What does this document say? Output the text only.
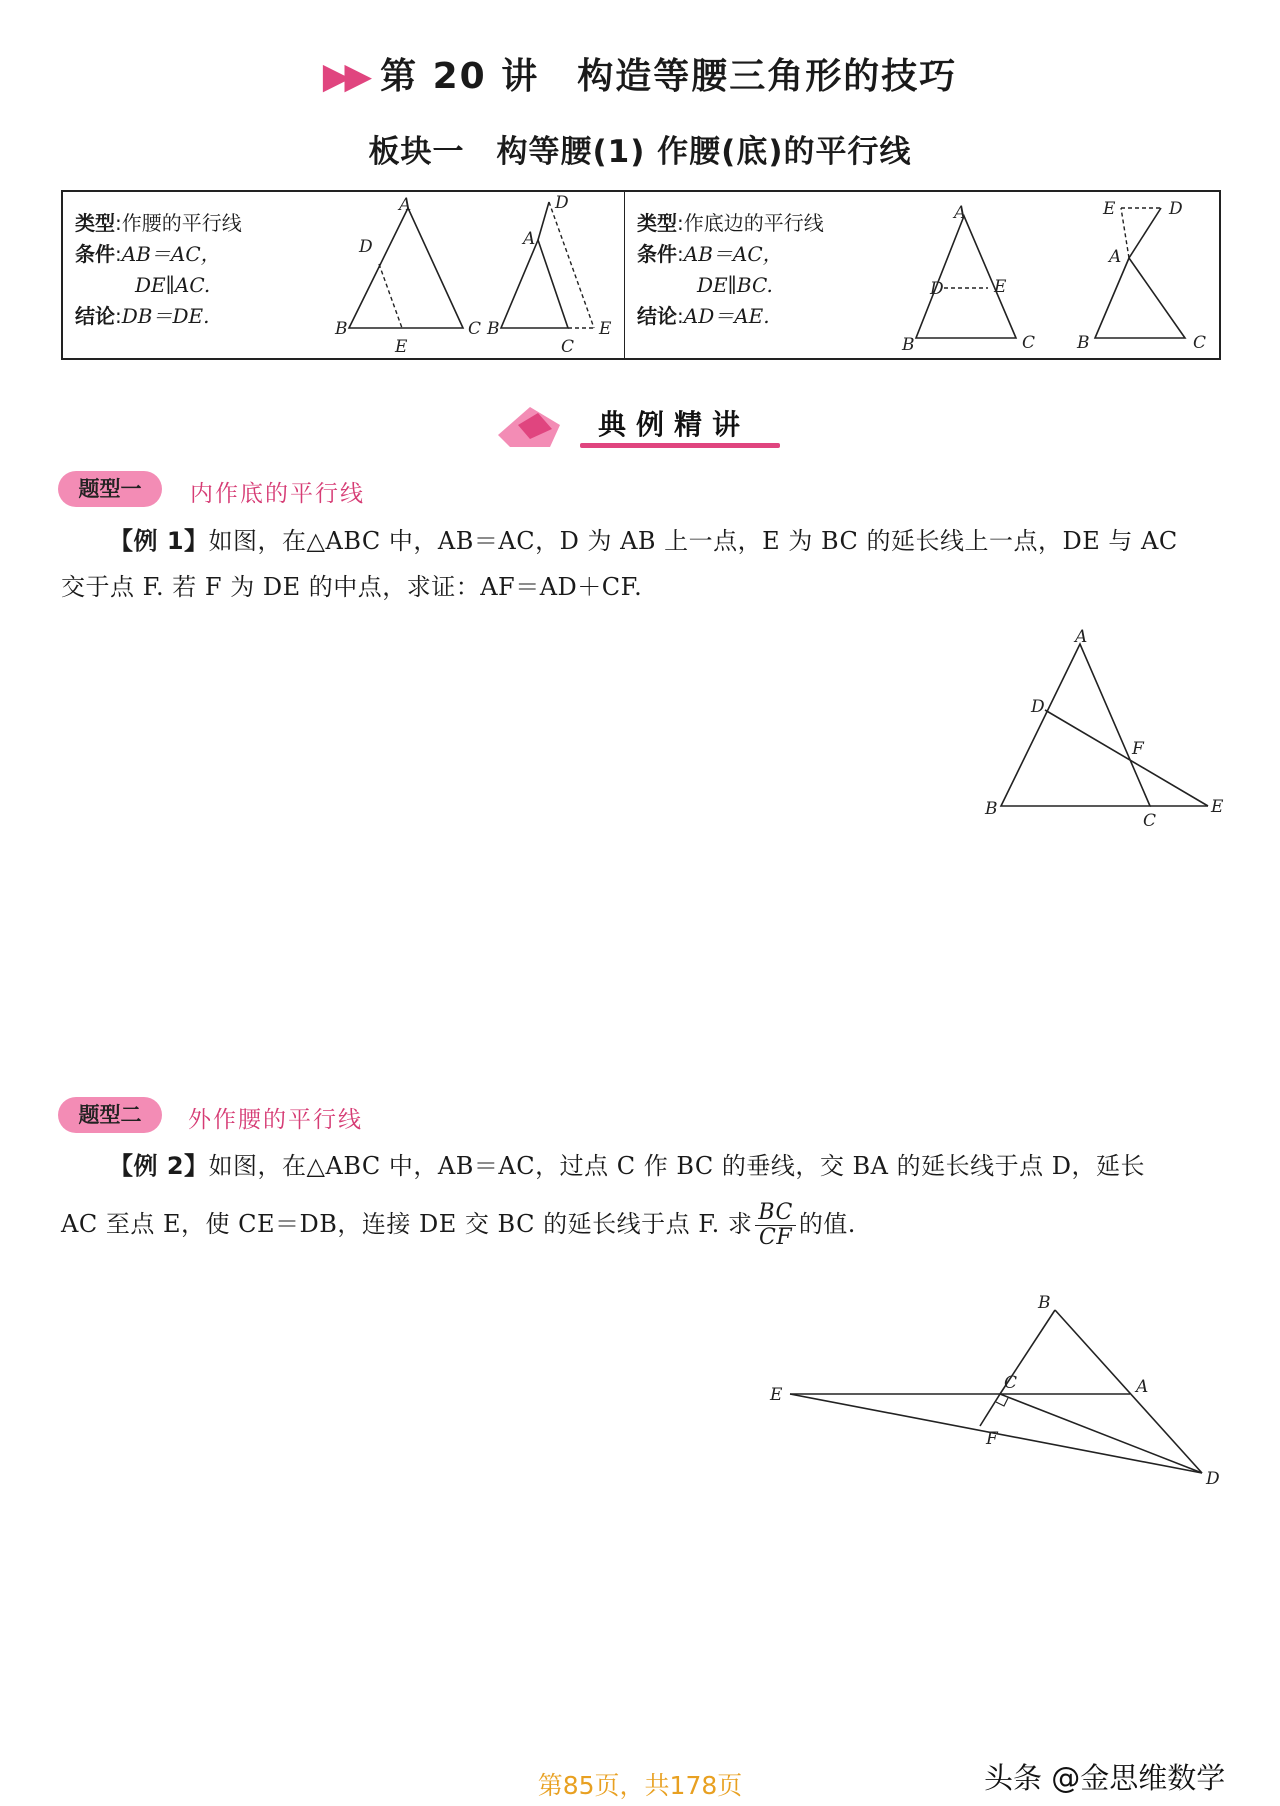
▶▶ 第 20 讲　构造等腰三角形的技巧
板块一　构等腰(1) 作腰(底)的平行线
类型:作腰的平行线
条件:AB＝AC，
DE∥AC.
结论:DB＝DE.
A
D
B	C
E
A
D
B
C
E
类型:作底边的平行线
条件:AB＝AC，
DE∥BC.
结论:AD＝AE.
A
D	E
B	C
E	D
A
B	C
典例精讲
题型一	内作底的平行线
【例 1】如图，在△ABC 中，AB＝AC，D 为 AB 上一点，E 为 BC 的延长线上一点，DE 与 AC
交于点 F. 若 F 为 DE 的中点，求证：AF＝AD＋CF.
A
D
F
B
C
E
题型二	外作腰的平行线
【例 2】如图，在△ABC 中，AB＝AC，过点 C 作 BC 的垂线，交 BA 的延长线于点 D，延长
AC 至点 E，使 CE＝DB，连接 DE 交 BC 的延长线于点 F. 求 $\frac{BC}{CF}$ 的值.
B
C	A
E
F
D
第85页，共178页	头条 @金思维数学
